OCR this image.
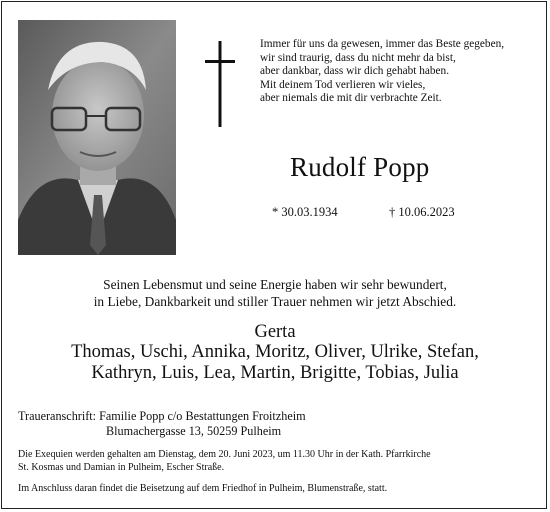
Immer für uns da gewesen, immer das Beste gegeben,
wir sind traurig, dass du nicht mehr da bist,
aber dankbar, dass wir dich gehabt haben.
Mit deinem Tod verlieren wir vieles,
aber niemals die mit dir verbrachte Zeit.
Rudolf Popp
* 30.03.1934	† 10.06.2023
Seinen Lebensmut und seine Energie haben wir sehr bewundert,
in Liebe, Dankbarkeit und stiller Trauer nehmen wir jetzt Abschied.
Gerta
Thomas, Uschi, Annika, Moritz, Oliver, Ulrike, Stefan,
Kathryn, Luis, Lea, Martin, Brigitte, Tobias, Julia
Traueranschrift: Familie Popp c/o Bestattungen Froitzheim
Blumachergasse 13, 50259 Pulheim
Die Exequien werden gehalten am Dienstag, dem 20. Juni 2023, um 11.30 Uhr in der Kath. Pfarrkirche
St. Kosmas und Damian in Pulheim, Escher Straße.
Im Anschluss daran findet die Beisetzung auf dem Friedhof in Pulheim, Blumenstraße, statt.
